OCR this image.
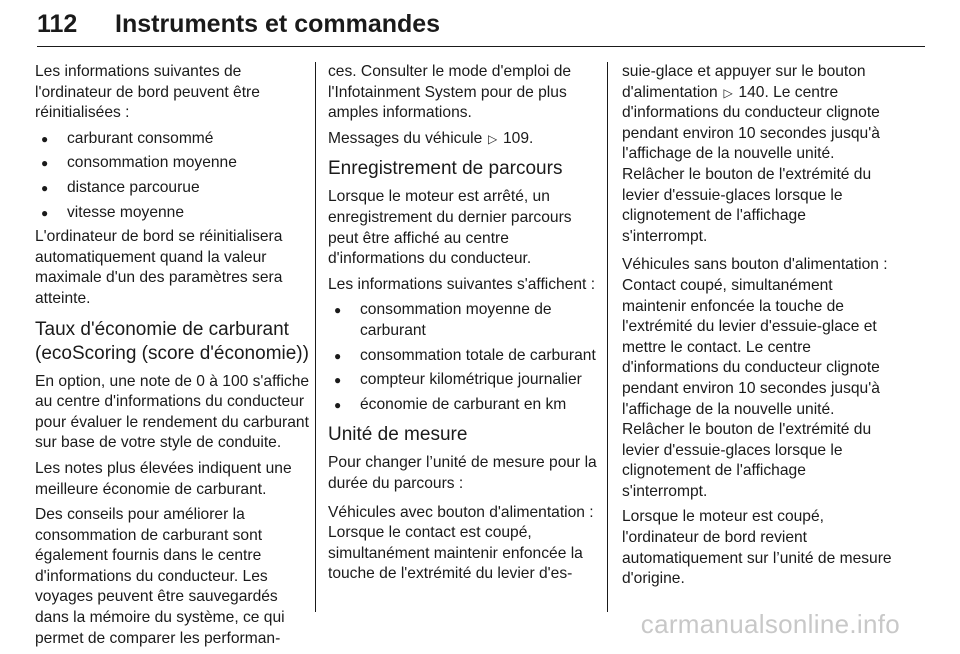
112 Instruments et commandes

Les informations suivantes de l'ordinateur de bord peuvent être réinitialisées :

● carburant consommé
● consommation moyenne
● distance parcourue
● vitesse moyenne

L'ordinateur de bord se réinitialisera automatiquement quand la valeur maximale d'un des paramètres sera atteinte.

Taux d'économie de carburant (ecoScoring (score d'économie))

En option, une note de 0 à 100 s'affiche au centre d'informations du conducteur pour évaluer le rendement du carburant sur base de votre style de conduite.

Les notes plus élevées indiquent une meilleure économie de carburant.

Des conseils pour améliorer la consommation de carburant sont également fournis dans le centre d'informations du conducteur. Les voyages peuvent être sauvegardés dans la mémoire du système, ce qui permet de comparer les performan-

ces. Consulter le mode d'emploi de l'Infotainment System pour de plus amples informations.

Messages du véhicule ▷ 109.

Enregistrement de parcours

Lorsque le moteur est arrêté, un enregistrement du dernier parcours peut être affiché au centre d'informations du conducteur.

Les informations suivantes s'affichent :

● consommation moyenne de carburant
● consommation totale de carburant
● compteur kilométrique journalier
● économie de carburant en km
Unité de mesure

Pour changer l’unité de mesure pour la durée du parcours :

Véhicules avec bouton d'alimentation :

Lorsque le contact est coupé, simultanément maintenir enfoncée la touche de l'extrémité du levier d'es-

suie-glace et appuyer sur le bouton d'alimentation ▷ 140. Le centre d'informations du conducteur clignote pendant environ 10 secondes jusqu'à l'affichage de la nouvelle unité. Relâcher le bouton de l'extrémité du levier d'essuie-glaces lorsque le clignotement de l'affichage s'interrompt.

Véhicules sans bouton d'alimentation :

Contact coupé, simultanément maintenir enfoncée la touche de l'extrémité du levier d'essuie-glace et mettre le contact. Le centre d'informations du conducteur clignote pendant environ 10 secondes jusqu'à l'affichage de la nouvelle unité. Relâcher le bouton de l'extrémité du levier d'essuie-glaces lorsque le clignotement de l'affichage s'interrompt.

Lorsque le moteur est coupé, l'ordinateur de bord revient automatiquement sur l’unité de mesure d'origine.

carmanualsonline.info
